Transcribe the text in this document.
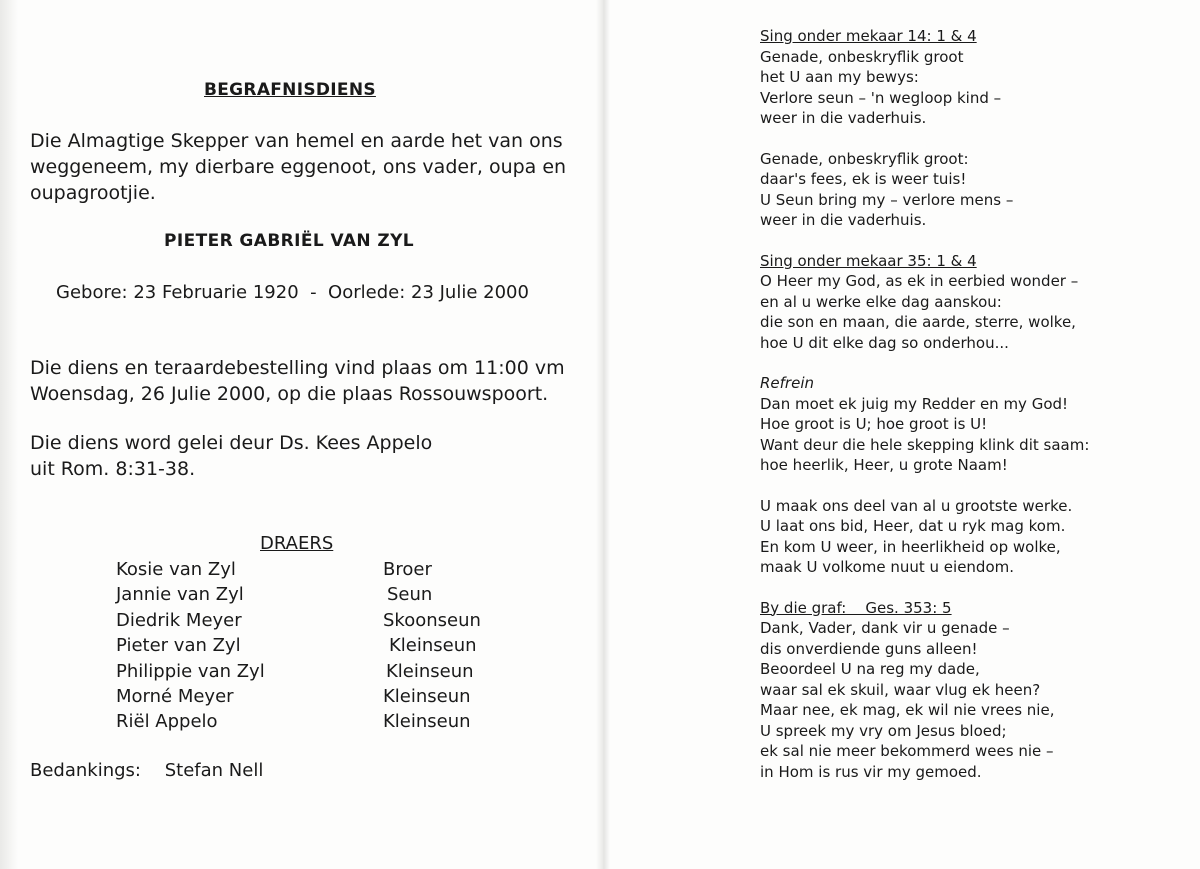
BEGRAFNISDIENS
Die Almagtige Skepper van hemel en aarde het van ons
weggeneem, my dierbare eggenoot, ons vader, oupa en
oupagrootjie.
PIETER GABRIËL VAN ZYL
Gebore: 23 Februarie 1920  -  Oorlede: 23 Julie 2000
Die diens en teraardebestelling vind plaas om 11:00 vm
Woensdag, 26 Julie 2000, op die plaas Rossouwspoort.
Die diens word gelei deur Ds. Kees Appelo
uit Rom. 8:31-38.
DRAERS
Kosie van Zyl	Broer
Jannie van Zyl	Seun
Diedrik Meyer	Skoonseun
Pieter van Zyl	Kleinseun
Philippie van Zyl	Kleinseun
Morné Meyer	Kleinseun
Riël Appelo	Kleinseun
Bedankings: Stefan Nell
Sing onder mekaar 14: 1 & 4
Genade, onbeskryflik groot
het U aan my bewys:
Verlore seun – 'n wegloop kind –
weer in die vaderhuis.
Genade, onbeskryflik groot:
daar's fees, ek is weer tuis!
U Seun bring my – verlore mens –
weer in die vaderhuis.
Sing onder mekaar 35: 1 & 4
O Heer my God, as ek in eerbied wonder –
en al u werke elke dag aanskou:
die son en maan, die aarde, sterre, wolke,
hoe U dit elke dag so onderhou...
Refrein
Dan moet ek juig my Redder en my God!
Hoe groot is U; hoe groot is U!
Want deur die hele skepping klink dit saam:
hoe heerlik, Heer, u grote Naam!
U maak ons deel van al u grootste werke.
U laat ons bid, Heer, dat u ryk mag kom.
En kom U weer, in heerlikheid op wolke,
maak U volkome nuut u eiendom.
By die graf:    Ges. 353: 5
Dank, Vader, dank vir u genade –
dis onverdiende guns alleen!
Beoordeel U na reg my dade,
waar sal ek skuil, waar vlug ek heen?
Maar nee, ek mag, ek wil nie vrees nie,
U spreek my vry om Jesus bloed;
ek sal nie meer bekommerd wees nie –
in Hom is rus vir my gemoed.
